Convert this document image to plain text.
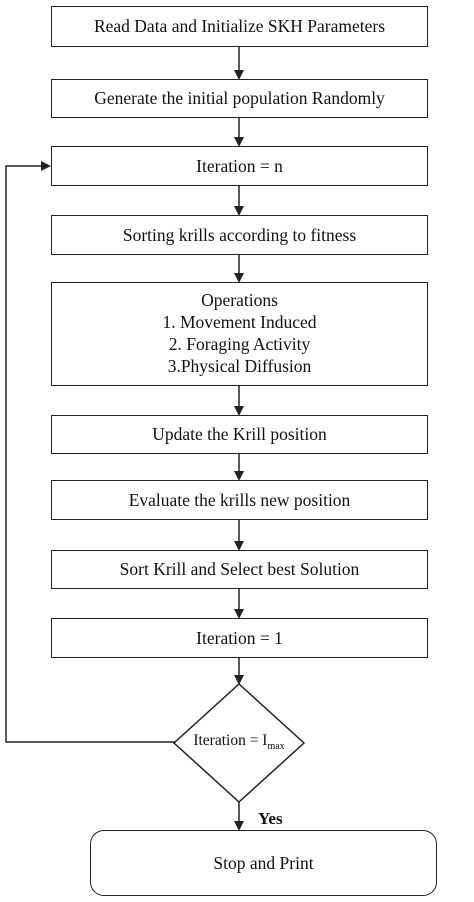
Read Data and Initialize SKH Parameters
Generate the initial population Randomly
Iteration = n
Sorting krills according to fitness
Operations
1. Movement Induced
2. Foraging Activity
3.Physical Diffusion
Update the Krill position
Evaluate the krills new position
Sort Krill and Select best Solution
Iteration = 1
Iteration = $I_{max}$
Yes
Stop and Print
